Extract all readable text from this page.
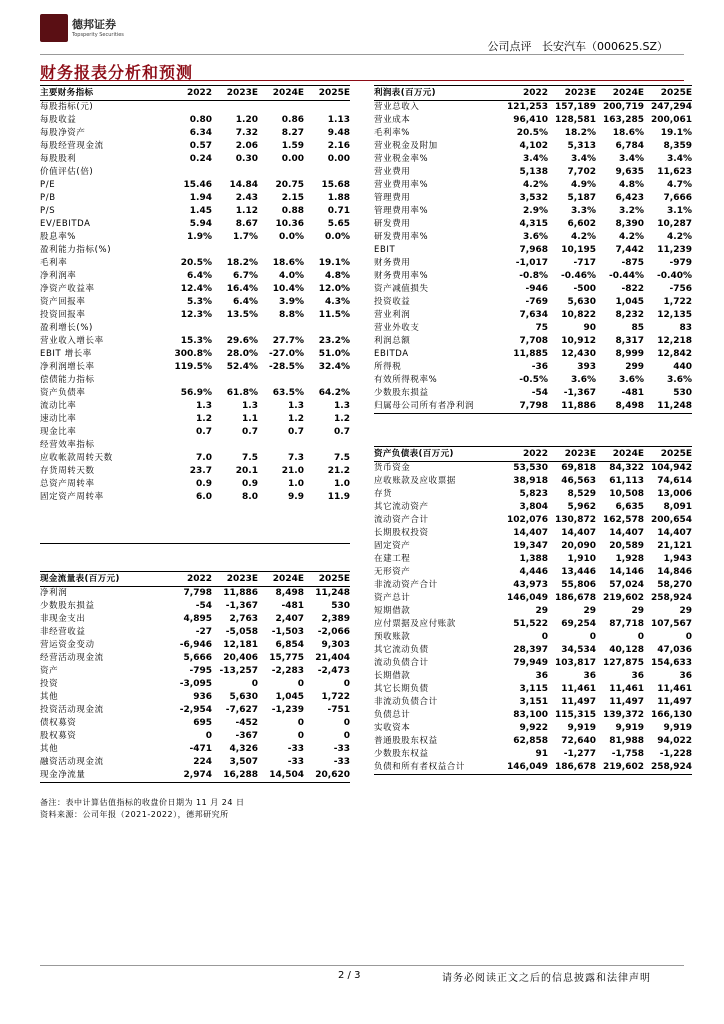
德邦证券
Topsperity Securities
公司点评   长安汽车（000625.SZ）
财务报表分析和预测
主要财务指标	2022	2023E	2024E	2025E
每股指标(元)				
每股收益	0.80	1.20	0.86	1.13
每股净资产	6.34	7.32	8.27	9.48
每股经营现金流	0.57	2.06	1.59	2.16
每股股利	0.24	0.30	0.00	0.00
价值评估(倍)				
P/E	15.46	14.84	20.75	15.68
P/B	1.94	2.43	2.15	1.88
P/S	1.45	1.12	0.88	0.71
EV/EBITDA	5.94	8.67	10.36	5.65
股息率%	1.9%	1.7%	0.0%	0.0%
盈利能力指标(%)				
毛利率	20.5%	18.2%	18.6%	19.1%
净利润率	6.4%	6.7%	4.0%	4.8%
净资产收益率	12.4%	16.4%	10.4%	12.0%
资产回报率	5.3%	6.4%	3.9%	4.3%
投资回报率	12.3%	13.5%	8.8%	11.5%
盈利增长(%)				
营业收入增长率	15.3%	29.6%	27.7%	23.2%
EBIT 增长率	300.8%	28.0%	-27.0%	51.0%
净利润增长率	119.5%	52.4%	-28.5%	32.4%
偿债能力指标				
资产负债率	56.9%	61.8%	63.5%	64.2%
流动比率	1.3	1.3	1.3	1.3
速动比率	1.2	1.1	1.2	1.2
现金比率	0.7	0.7	0.7	0.7
经营效率指标				
应收帐款周转天数	7.0	7.5	7.3	7.5
存货周转天数	23.7	20.1	21.0	21.2
总资产周转率	0.9	0.9	1.0	1.0
固定资产周转率	6.0	8.0	9.9	11.9

现金流量表(百万元)	2022	2023E	2024E	2025E
净利润	7,798	11,886	8,498	11,248
少数股东损益	-54	-1,367	-481	530
非现金支出	4,895	2,763	2,407	2,389
非经营收益	-27	-5,058	-1,503	-2,066
营运资金变动	-6,946	12,181	6,854	9,303
经营活动现金流	5,666	20,406	15,775	21,404
资产	-795	-13,257	-2,283	-2,473
投资	-3,095	0	0	0
其他	936	5,630	1,045	1,722
投资活动现金流	-2,954	-7,627	-1,239	-751
债权募资	695	-452	0	0
股权募资	0	-367	0	0
其他	-471	4,326	-33	-33
融资活动现金流	224	3,507	-33	-33
现金净流量	2,974	16,288	14,504	20,620
利润表(百万元)	2022	2023E	2024E	2025E
营业总收入	121,253	157,189	200,719	247,294
营业成本	96,410	128,581	163,285	200,061
毛利率%	20.5%	18.2%	18.6%	19.1%
营业税金及附加	4,102	5,313	6,784	8,359
营业税金率%	3.4%	3.4%	3.4%	3.4%
营业费用	5,138	7,702	9,635	11,623
营业费用率%	4.2%	4.9%	4.8%	4.7%
管理费用	3,532	5,187	6,423	7,666
管理费用率%	2.9%	3.3%	3.2%	3.1%
研发费用	4,315	6,602	8,390	10,287
研发费用率%	3.6%	4.2%	4.2%	4.2%
EBIT	7,968	10,195	7,442	11,239
财务费用	-1,017	-717	-875	-979
财务费用率%	-0.8%	-0.46%	-0.44%	-0.40%
资产减值损失	-946	-500	-822	-756
投资收益	-769	5,630	1,045	1,722
营业利润	7,634	10,822	8,232	12,135
营业外收支	75	90	85	83
利润总额	7,708	10,912	8,317	12,218
EBITDA	11,885	12,430	8,999	12,842
所得税	-36	393	299	440
有效所得税率%	-0.5%	3.6%	3.6%	3.6%
少数股东损益	-54	-1,367	-481	530
归属母公司所有者净利润	7,798	11,886	8,498	11,248
资产负债表(百万元)	2022	2023E	2024E	2025E
货币资金	53,530	69,818	84,322	104,942
应收账款及应收票据	38,918	46,563	61,113	74,614
存货	5,823	8,529	10,508	13,006
其它流动资产	3,804	5,962	6,635	8,091
流动资产合计	102,076	130,872	162,578	200,654
长期股权投资	14,407	14,407	14,407	14,407
固定资产	19,347	20,090	20,589	21,121
在建工程	1,388	1,910	1,928	1,943
无形资产	4,446	13,446	14,146	14,846
非流动资产合计	43,973	55,806	57,024	58,270
资产总计	146,049	186,678	219,602	258,924
短期借款	29	29	29	29
应付票据及应付账款	51,522	69,254	87,718	107,567
预收账款	0	0	0	0
其它流动负债	28,397	34,534	40,128	47,036
流动负债合计	79,949	103,817	127,875	154,633
长期借款	36	36	36	36
其它长期负债	3,115	11,461	11,461	11,461
非流动负债合计	3,151	11,497	11,497	11,497
负债总计	83,100	115,315	139,372	166,130
实收资本	9,922	9,919	9,919	9,919
普通股股东权益	62,858	72,640	81,988	94,022
少数股东权益	91	-1,277	-1,758	-1,228
负债和所有者权益合计	146,049	186,678	219,602	258,924
备注：表中计算估值指标的收盘价日期为 11 月 24 日
资料来源：公司年报（2021-2022），德邦研究所
2 / 3	请务必阅读正文之后的信息披露和法律声明
